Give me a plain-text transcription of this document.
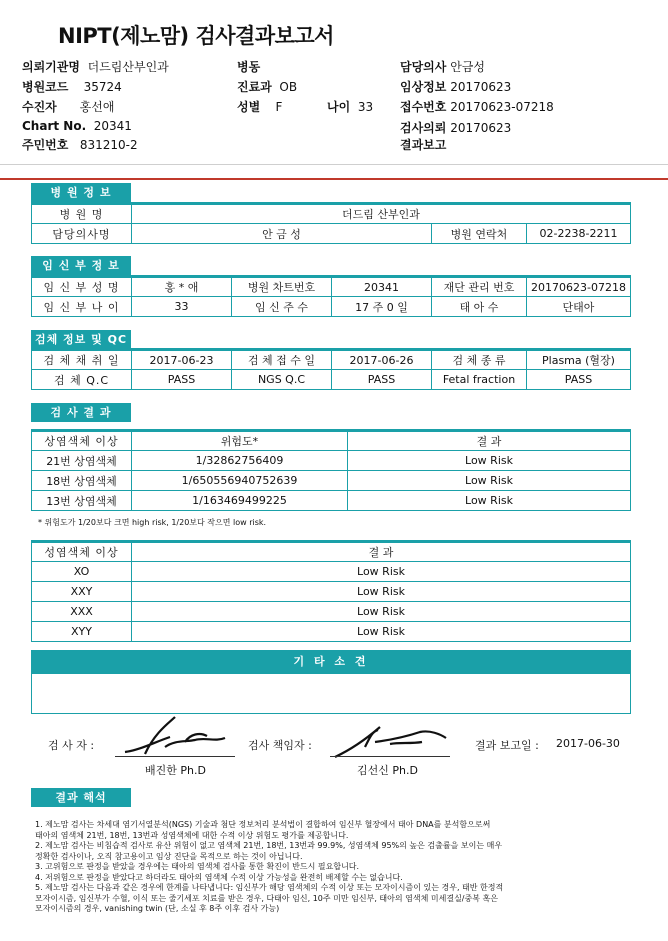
NIPT(제노맘) 검사결과보고서
의뢰기관명 더드림산부인과	병동	담당의사 안금성
병원코드 35724	진료과 OB	임상정보 20170623
수진자 홍선애	성별 F	나이 33 접수번호 20170623-07218
Chart No. 20341	검사의뢰 20170623
주민번호 831210-2	결과보고
병 원 정 보
병 원 명	더드림 산부인과		
담당의사명	안 금 성	병원 연락처	02-2238-2211
임 신 부 정 보
임 신 부 성 명	홍 * 애	병원 차트번호	20341	재단 관리 번호	20170623-07218
임 신 부 나 이	33	임 신 주 수	17 주 0 일	태 아 수	단태아
검체 정보 및 QC
검 체 채 취 일	2017-06-23	검 체 접 수 일	2017-06-26	검 체 종 류	Plasma (혈장)
검 체 Q.C	PASS	NGS Q.C	PASS	Fetal fraction	PASS
검 사 결 과
상염색체 이상	위험도*	결 과
21번 상염색체	1/32862756409	Low Risk
18번 상염색체	1/650556940752639	Low Risk
13번 상염색체	1/163469499225	Low Risk
* 위험도가 1/20보다 크면 high risk, 1/20보다 작으면 low risk.
성염색체 이상	결 과
XO	Low Risk
XXY	Low Risk
XXX	Low Risk
XYY	Low Risk
기 타 소 견
검 사 자 :
배진한 Ph.D
검사 책임자 :
김선신 Ph.D
결과 보고일 : 2017-06-30
결과 해석
1. 제노맘 검사는 차세대 염기서열분석(NGS) 기술과 첨단 정보처리 분석법이 결합하여 임신부 혈장에서 태아 DNA를 분석함으로써
태아의 염색체 21번, 18번, 13번과 성염색체에 대한 수적 이상 위험도 평가를 제공합니다.
2. 제노맘 검사는 비침습적 검사로 유산 위험이 없고 염색체 21번, 18번, 13번과 99.9%, 성염색체 95%의 높은 검출률을 보이는 매우
정확한 검사이나, 오직 참고용이고 임상 진단을 목적으로 하는 것이 아닙니다.
3. 고위험으로 판정을 받았을 경우에는 태아의 염색체 검사를 통한 확진이 반드시 필요합니다.
4. 저위험으로 판정을 받았다고 하더라도 태아의 염색체 수적 이상 가능성을 완전히 배제할 수는 없습니다.
5. 제노맘 검사는 다음과 같은 경우에 한계를 나타냅니다: 임신부가 해당 염색체의 수적 이상 또는 모자이시즘이 있는 경우, 태반 한정적
모자이시즘, 임신부가 수혈, 이식 또는 줄기세포 치료를 받은 경우, 다태아 임신, 10주 미만 임신부, 태아의 염색체 미세결실/중복 혹은
모자이시즘의 경우, vanishing twin (단, 소실 후 8주 이후 검사 가능)
